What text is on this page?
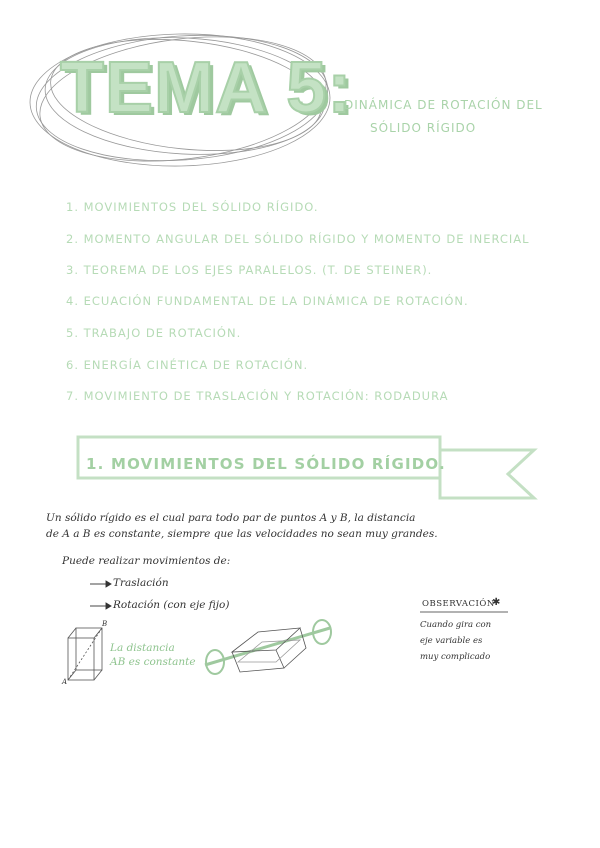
TEMA 5:
DINÁMICA DE ROTACIÓN DEL
SÓLIDO RÍGIDO
1. MOVIMIENTOS DEL SÓLIDO RÍGIDO.
2. MOMENTO ANGULAR DEL SÓLIDO RÍGIDO Y MOMENTO DE INERCIAL
3. TEOREMA DE LOS EJES PARALELOS. (T. DE STEINER).
4. ECUACIÓN FUNDAMENTAL DE LA DINÁMICA DE ROTACIÓN.
5. TRABAJO DE ROTACIÓN.
6. ENERGÍA CINÉTICA DE ROTACIÓN.
7. MOVIMIENTO DE TRASLACIÓN Y ROTACIÓN: RODADURA
1. MOVIMIENTOS DEL SÓLIDO RÍGIDO.
Un sólido rígido es el cual para todo par de puntos A y B, la distancia
de A a B es constante, siempre que las velocidades no sean muy grandes.
Puede realizar movimientos de:
Traslación
Rotación (con eje fijo)	OBSERVACIÓN
✱
Cuando gira con
eje variable es
muy complicado
B
A
La distancia
AB es constante
